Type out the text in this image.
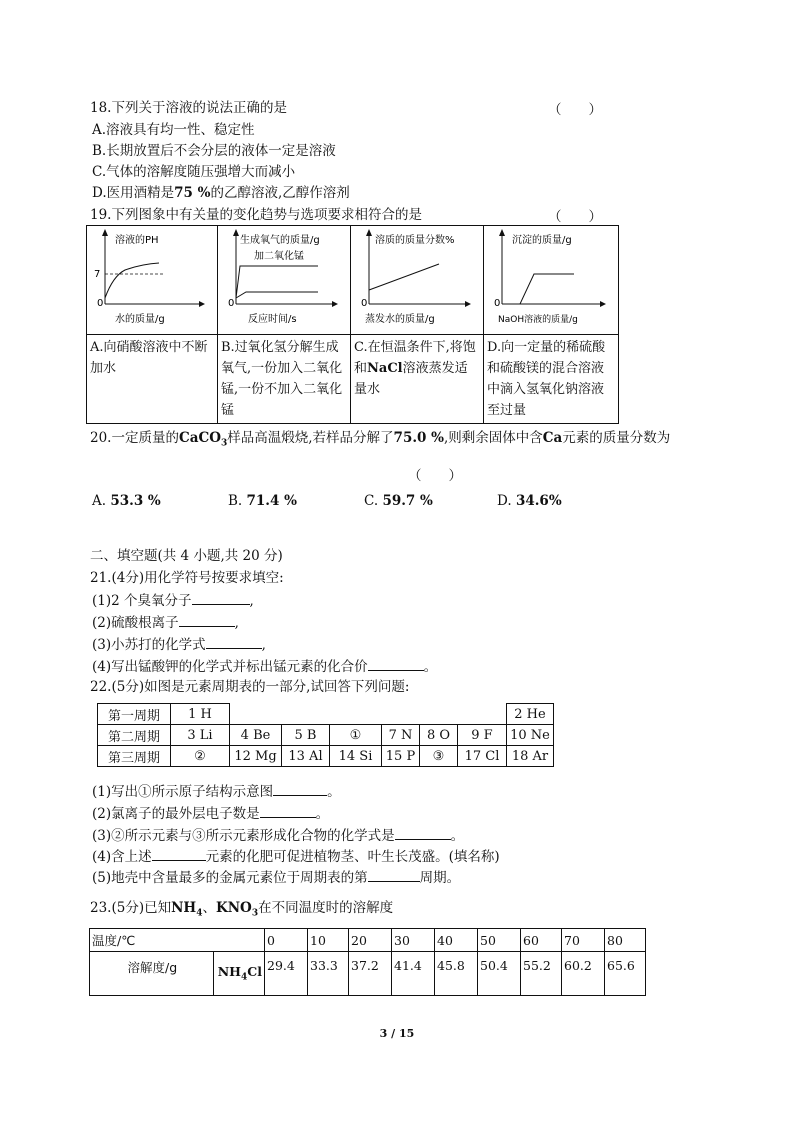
18.下列关于溶液的说法正确的是	（　　）
A.溶液具有均一性、稳定性
B.长期放置后不会分层的液体一定是溶液
C.气体的溶解度随压强增大而减小
D.医用酒精是75 %的乙醇溶液,乙醇作溶剂
19.下列图象中有关量的变化趋势与选项要求相符合的是	（　　）
溶液的PH
7
0
水的质量/g	生成氧气的质量/g
加二氧化锰
0
反应时间/s	溶质的质量分数%
0
蒸发水的质量/g	沉淀的质量/g
0
NaOH溶液的质量/g

A.向硝酸溶液中不断加水	B.过氧化氢分解生成氧气,一份加入二氧化锰,一份不加入二氧化锰	C.在恒温条件下,将饱和NaCl溶液蒸发适量水	D.向一定量的稀硫酸和硫酸镁的混合溶液中滴入氢氧化钠溶液至过量
20.一定质量的CaCO$_3$样品高温煅烧,若样品分解了75.0 %,则剩余固体中含Ca元素的质量分数为
（　　）
A. 53.3 %	B. 71.4 %	C. 59.7 %	D. 34.6%
二、填空题(共 4 小题,共 20 分)
21.(4分)用化学符号按要求填空:
(1)2 个臭氧分子	,
(2)硫酸根离子	,
(3)小苏打的化学式	,
(4)写出锰酸钾的化学式并标出锰元素的化合价	。
22.(5分)如图是元素周期表的一部分,试回答下列问题:
第一周期	1 H							2 He
第二周期	3 Li	4 Be	5 B	①	7 N	8 O	9 F	10 Ne
第三周期	②	12 Mg	13 Al	14 Si	15 P	③	17 Cl	18 Ar
(1)写出①所示原子结构示意图	。
(2)氯离子的最外层电子数是	。
(3)②所示元素与③所示元素形成化合物的化学式是	。
(4)含上述	元素的化肥可促进植物茎、叶生长茂盛。(填名称)
(5)地壳中含量最多的金属元素位于周期表的第	周期。
23.(5分)已知$NH_4$、$KNO_3$在不同温度时的溶解度
温度/℃		0	10	20	30	40	50	60	70	80
溶解度/g	$NH_4Cl$	29.4	33.3	37.2	41.4	45.8	50.4	55.2	60.2	65.6
3 / 15
